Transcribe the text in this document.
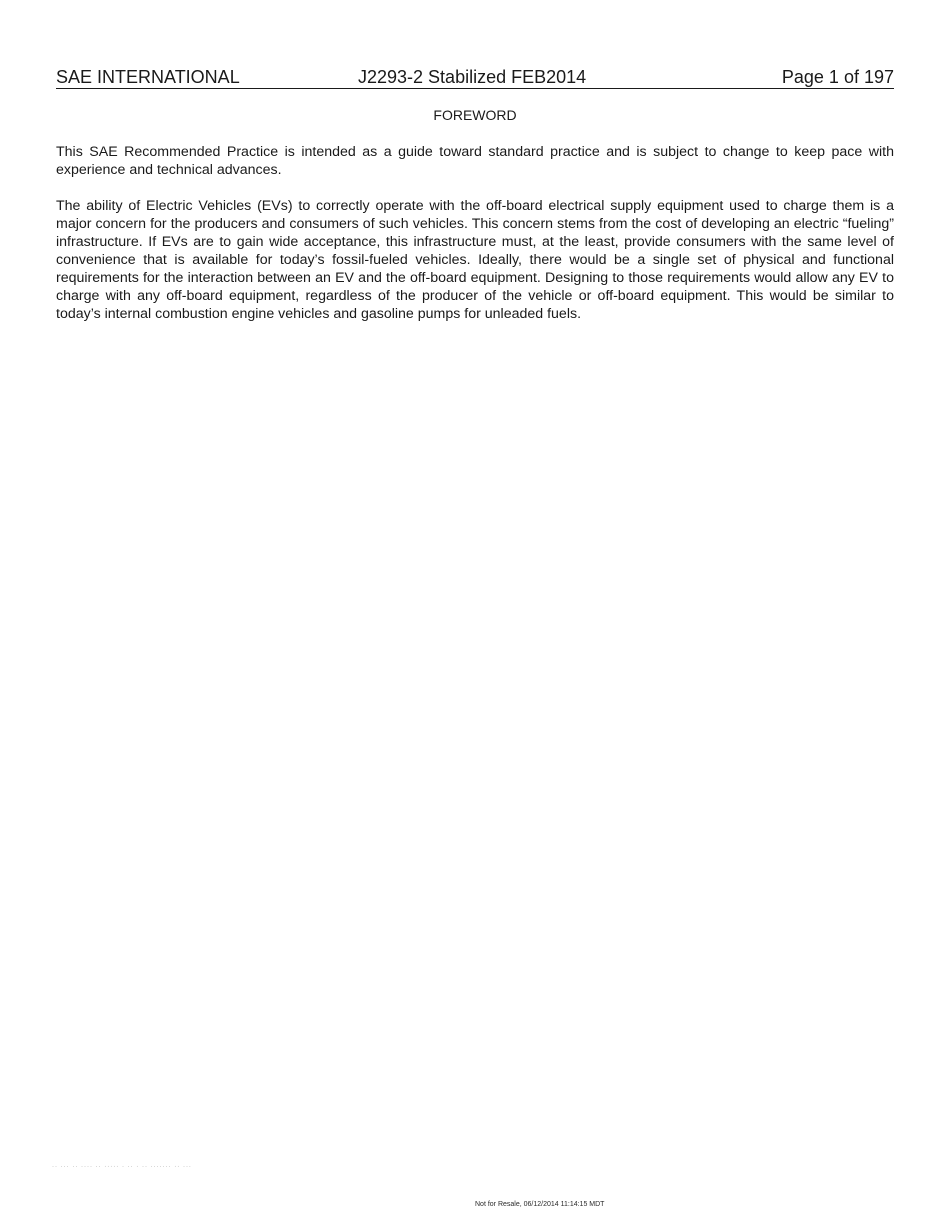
SAE INTERNATIONAL	J2293-2 Stabilized FEB2014	Page 1 of 197
FOREWORD

This SAE Recommended Practice is intended as a guide toward standard practice and is subject to change to keep pace with experience and technical advances.

The ability of Electric Vehicles (EVs) to correctly operate with the off-board electrical supply equipment used to charge them is a major concern for the producers and consumers of such vehicles. This concern stems from the cost of developing an electric “fueling” infrastructure. If EVs are to gain wide acceptance, this infrastructure must, at the least, provide consumers with the same level of convenience that is available for today’s fossil-fueled vehicles. Ideally, there would be a single set of physical and functional requirements for the interaction between an EV and the off-board equipment. Designing to those requirements would allow any EV to charge with any off-board equipment, regardless of the producer of the vehicle or off-board equipment. This would be similar to today’s internal combustion engine vehicles and gasoline pumps for unleaded fuels.

·· ··· ·· ···· ·· ····· · ·· · ·· ······· ·· ···
Not for Resale, 06/12/2014 11:14:15 MDT
